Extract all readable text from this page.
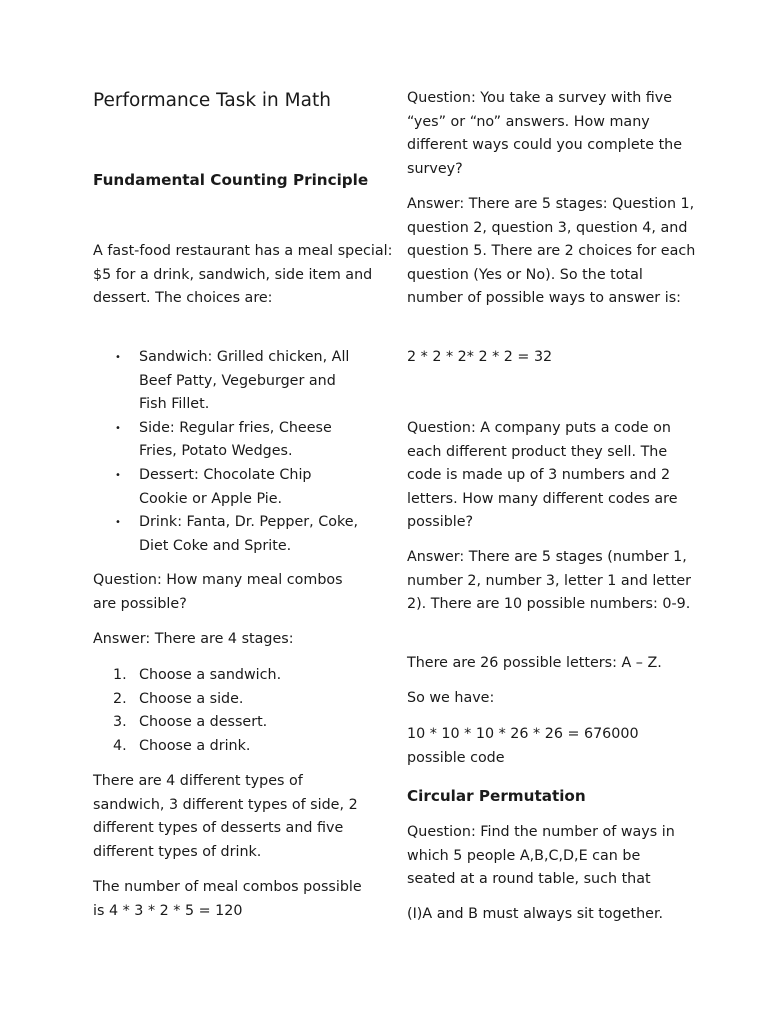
Performance Task in Math

Fundamental Counting Principle

A fast-food restaurant has a meal special: $5 for a drink, sandwich, side item and dessert. The choices are:

• Sandwich: Grilled chicken, All Beef Patty, Vegeburger and Fish Fillet.
• Side: Regular fries, Cheese Fries, Potato Wedges.
• Dessert: Chocolate Chip Cookie or Apple Pie.
• Drink: Fanta, Dr. Pepper, Coke, Diet Coke and Sprite.

Question: How many meal combos are possible?

Answer: There are 4 stages:

1. Choose a sandwich.
2. Choose a side.
3. Choose a dessert.
4. Choose a drink.

There are 4 different types of sandwich, 3 different types of side, 2 different types of desserts and five different types of drink.

The number of meal combos possible is 4 * 3 * 2 * 5 = 120

Question: You take a survey with five “yes” or “no” answers. How many different ways could you complete the survey?

Answer: There are 5 stages: Question 1, question 2, question 3, question 4, and question 5. There are 2 choices for each question (Yes or No). So the total number of possible ways to answer is:

2 * 2 * 2* 2 * 2 = 32

Question: A company puts a code on each different product they sell. The code is made up of 3 numbers and 2 letters. How many different codes are possible?

Answer: There are 5 stages (number 1, number 2, number 3, letter 1 and letter 2). There are 10 possible numbers: 0-9.

There are 26 possible letters: A – Z.

So we have:

10 * 10 * 10 * 26 * 26 = 676000 possible code

Circular Permutation

Question: Find the number of ways in which 5 people A,B,C,D,E can be seated at a round table, such that

(I)A and B must always sit together.
